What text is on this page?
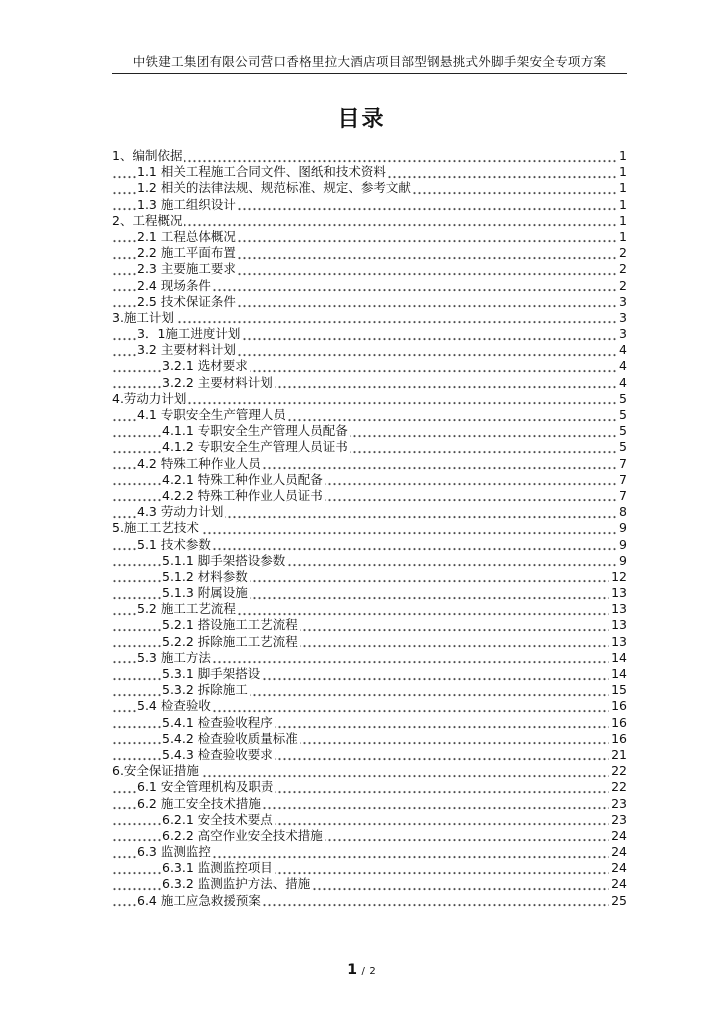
中铁建工集团有限公司营口香格里拉大酒店项目部型钢悬挑式外脚手架安全专项方案
目录
1、编制依据	1
1.1 相关工程施工合同文件、图纸和技术资料	1
1.2 相关的法律法规、规范标准、规定、参考文献	1
1.3 施工组织设计	1
2、工程概况	1
2.1 工程总体概况	1
2.2 施工平面布置	2
2.3 主要施工要求	2
2.4 现场条件	2
2.5 技术保证条件	3
3.施工计划	3
3．1施工进度计划	3
3.2 主要材料计划	4
3.2.1 选材要求	4
3.2.2 主要材料计划	4
4.劳动力计划	5
4.1 专职安全生产管理人员	5
4.1.1 专职安全生产管理人员配备	5
4.1.2 专职安全生产管理人员证书	5
4.2 特殊工种作业人员	7
4.2.1 特殊工种作业人员配备	7
4.2.2 特殊工种作业人员证书	7
4.3 劳动力计划	8
5.施工工艺技术	9
5.1 技术参数	9
5.1.1 脚手架搭设参数	9
5.1.2 材料参数	12
5.1.3 附属设施	13
5.2 施工工艺流程	13
5.2.1 搭设施工工艺流程	13
5.2.2 拆除施工工艺流程	13
5.3 施工方法	14
5.3.1 脚手架搭设	14
5.3.2 拆除施工	15
5.4 检查验收	16
5.4.1 检查验收程序	16
5.4.2 检查验收质量标准	16
5.4.3 检查验收要求	21
6.安全保证措施	22
6.1 安全管理机构及职责	22
6.2 施工安全技术措施	23
6.2.1 安全技术要点	23
6.2.2 高空作业安全技术措施	24
6.3 监测监控	24
6.3.1 监测监控项目	24
6.3.2 监测监护方法、措施	24
6.4 施工应急救援预案	25
1 / 2
